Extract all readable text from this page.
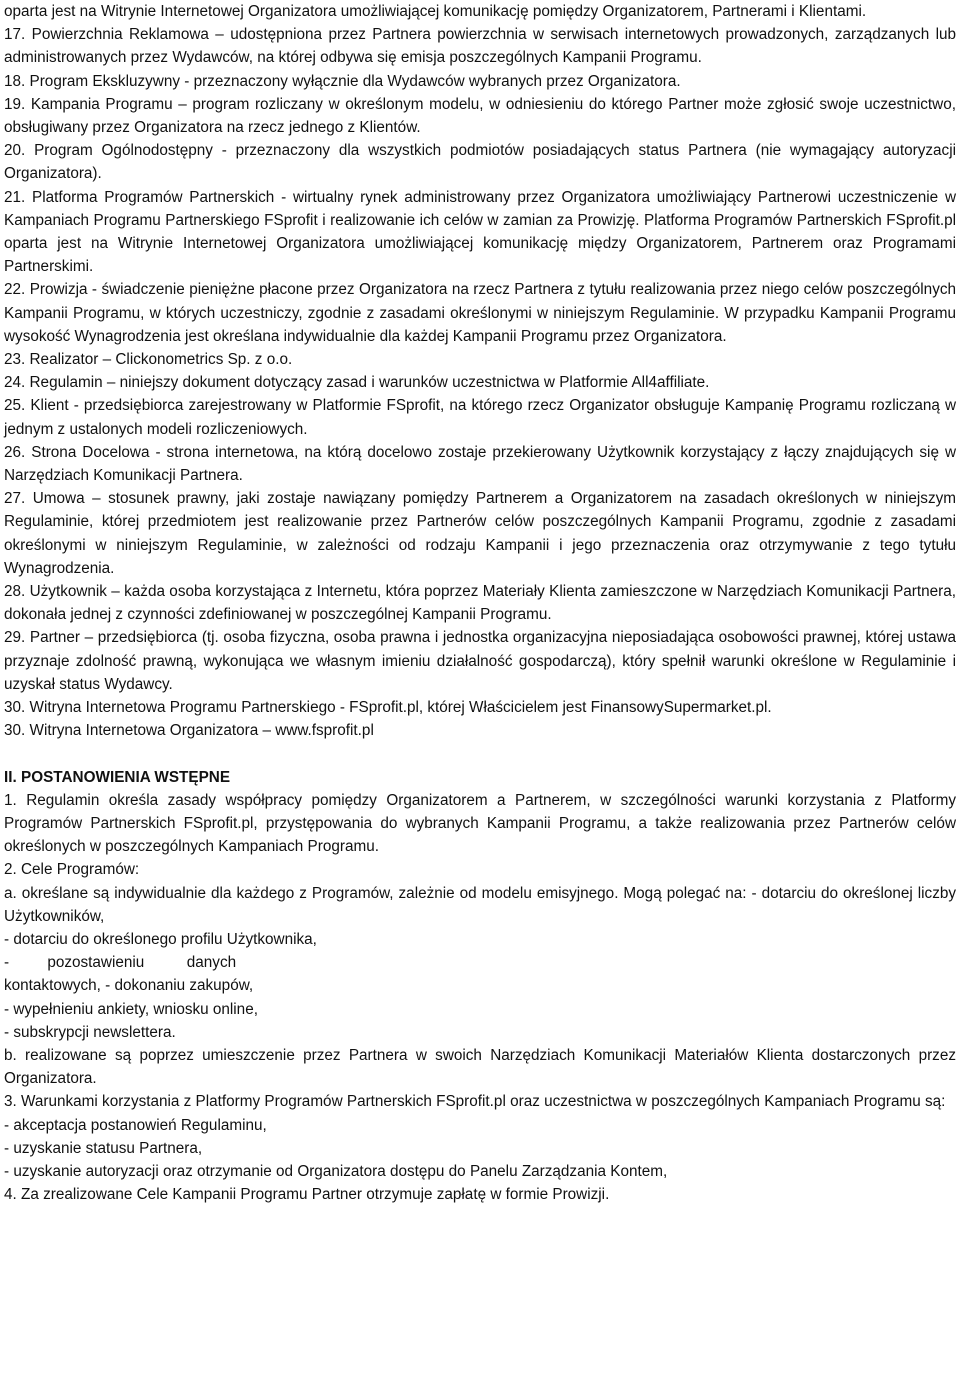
oparta jest na Witrynie Internetowej Organizatora umożliwiającej komunikację pomiędzy Organizatorem, Partnerami i Klientami.

17. Powierzchnia Reklamowa – udostępniona przez Partnera powierzchnia w serwisach internetowych prowadzonych, zarządzanych lub administrowanych przez Wydawców, na której odbywa się emisja poszczególnych Kampanii Programu.

18. Program Ekskluzywny - przeznaczony wyłącznie dla Wydawców wybranych przez Organizatora.

19. Kampania Programu – program rozliczany w określonym modelu, w odniesieniu do którego Partner może zgłosić swoje uczestnictwo, obsługiwany przez Organizatora na rzecz jednego z Klientów.

20. Program Ogólnodostępny - przeznaczony dla wszystkich podmiotów posiadających status Partnera (nie wymagający autoryzacji Organizatora).

21. Platforma Programów Partnerskich - wirtualny rynek administrowany przez Organizatora umożliwiający Partnerowi uczestniczenie w Kampaniach Programu Partnerskiego FSprofit i realizowanie ich celów w zamian za Prowizję. Platforma Programów Partnerskich FSprofit.pl oparta jest na Witrynie Internetowej Organizatora umożliwiającej komunikację między Organizatorem, Partnerem oraz Programami Partnerskimi.

22. Prowizja - świadczenie pieniężne płacone przez Organizatora na rzecz Partnera z tytułu realizowania przez niego celów poszczególnych Kampanii Programu, w których uczestniczy, zgodnie z zasadami określonymi w niniejszym Regulaminie. W przypadku Kampanii Programu wysokość Wynagrodzenia jest określana indywidualnie dla każdej Kampanii Programu przez Organizatora.

23. Realizator – Clickonometrics Sp. z o.o.

24. Regulamin – niniejszy dokument dotyczący zasad i warunków uczestnictwa w Platformie All4affiliate.

25. Klient - przedsiębiorca zarejestrowany w Platformie FSprofit, na którego rzecz Organizator obsługuje Kampanię Programu rozliczaną w jednym z ustalonych modeli rozliczeniowych.

26. Strona Docelowa - strona internetowa, na którą docelowo zostaje przekierowany Użytkownik korzystający z łączy znajdujących się w Narzędziach Komunikacji Partnera.

27. Umowa – stosunek prawny, jaki zostaje nawiązany pomiędzy Partnerem a Organizatorem na zasadach określonych w niniejszym Regulaminie, której przedmiotem jest realizowanie przez Partnerów celów poszczególnych Kampanii Programu, zgodnie z zasadami określonymi w niniejszym Regulaminie, w zależności od rodzaju Kampanii i jego przeznaczenia oraz otrzymywanie z tego tytułu Wynagrodzenia.

28. Użytkownik – każda osoba korzystająca z Internetu, która poprzez Materiały Klienta zamieszczone w Narzędziach Komunikacji Partnera, dokonała jednej z czynności zdefiniowanej w poszczególnej Kampanii Programu.

29. Partner – przedsiębiorca (tj. osoba fizyczna, osoba prawna i jednostka organizacyjna nieposiadająca osobowości prawnej, której ustawa przyznaje zdolność prawną, wykonująca we własnym imieniu działalność gospodarczą), który spełnił warunki określone w Regulaminie i uzyskał status Wydawcy.

30. Witryna Internetowa Programu Partnerskiego - FSprofit.pl, której Właścicielem jest FinansowySupermarket.pl.

30. Witryna Internetowa Organizatora – www.fsprofit.pl

II. POSTANOWIENIA WSTĘPNE

1. Regulamin określa zasady współpracy pomiędzy Organizatorem a Partnerem, w szczególności warunki korzystania z Platformy Programów Partnerskich FSprofit.pl, przystępowania do wybranych Kampanii Programu, a także realizowania przez Partnerów celów określonych w poszczególnych Kampaniach Programu.

2. Cele Programów:

a. określane są indywidualnie dla każdego z Programów, zależnie od modelu emisyjnego. Mogą polegać na: - dotarciu do określonej liczby Użytkowników,

- dotarciu do określonego profilu Użytkownika,

-         pozostawieniu          danych

kontaktowych, - dokonaniu zakupów,

- wypełnieniu ankiety, wniosku online,

- subskrypcji newslettera.

b. realizowane są poprzez umieszczenie przez Partnera w swoich Narzędziach Komunikacji Materiałów Klienta dostarczonych przez Organizatora.

3. Warunkami korzystania z Platformy Programów Partnerskich FSprofit.pl oraz uczestnictwa w poszczególnych Kampaniach Programu są:

- akceptacja postanowień Regulaminu,

- uzyskanie statusu Partnera,

- uzyskanie autoryzacji oraz otrzymanie od Organizatora dostępu do Panelu Zarządzania Kontem,

4. Za zrealizowane Cele Kampanii Programu Partner otrzymuje zapłatę w formie Prowizji.
